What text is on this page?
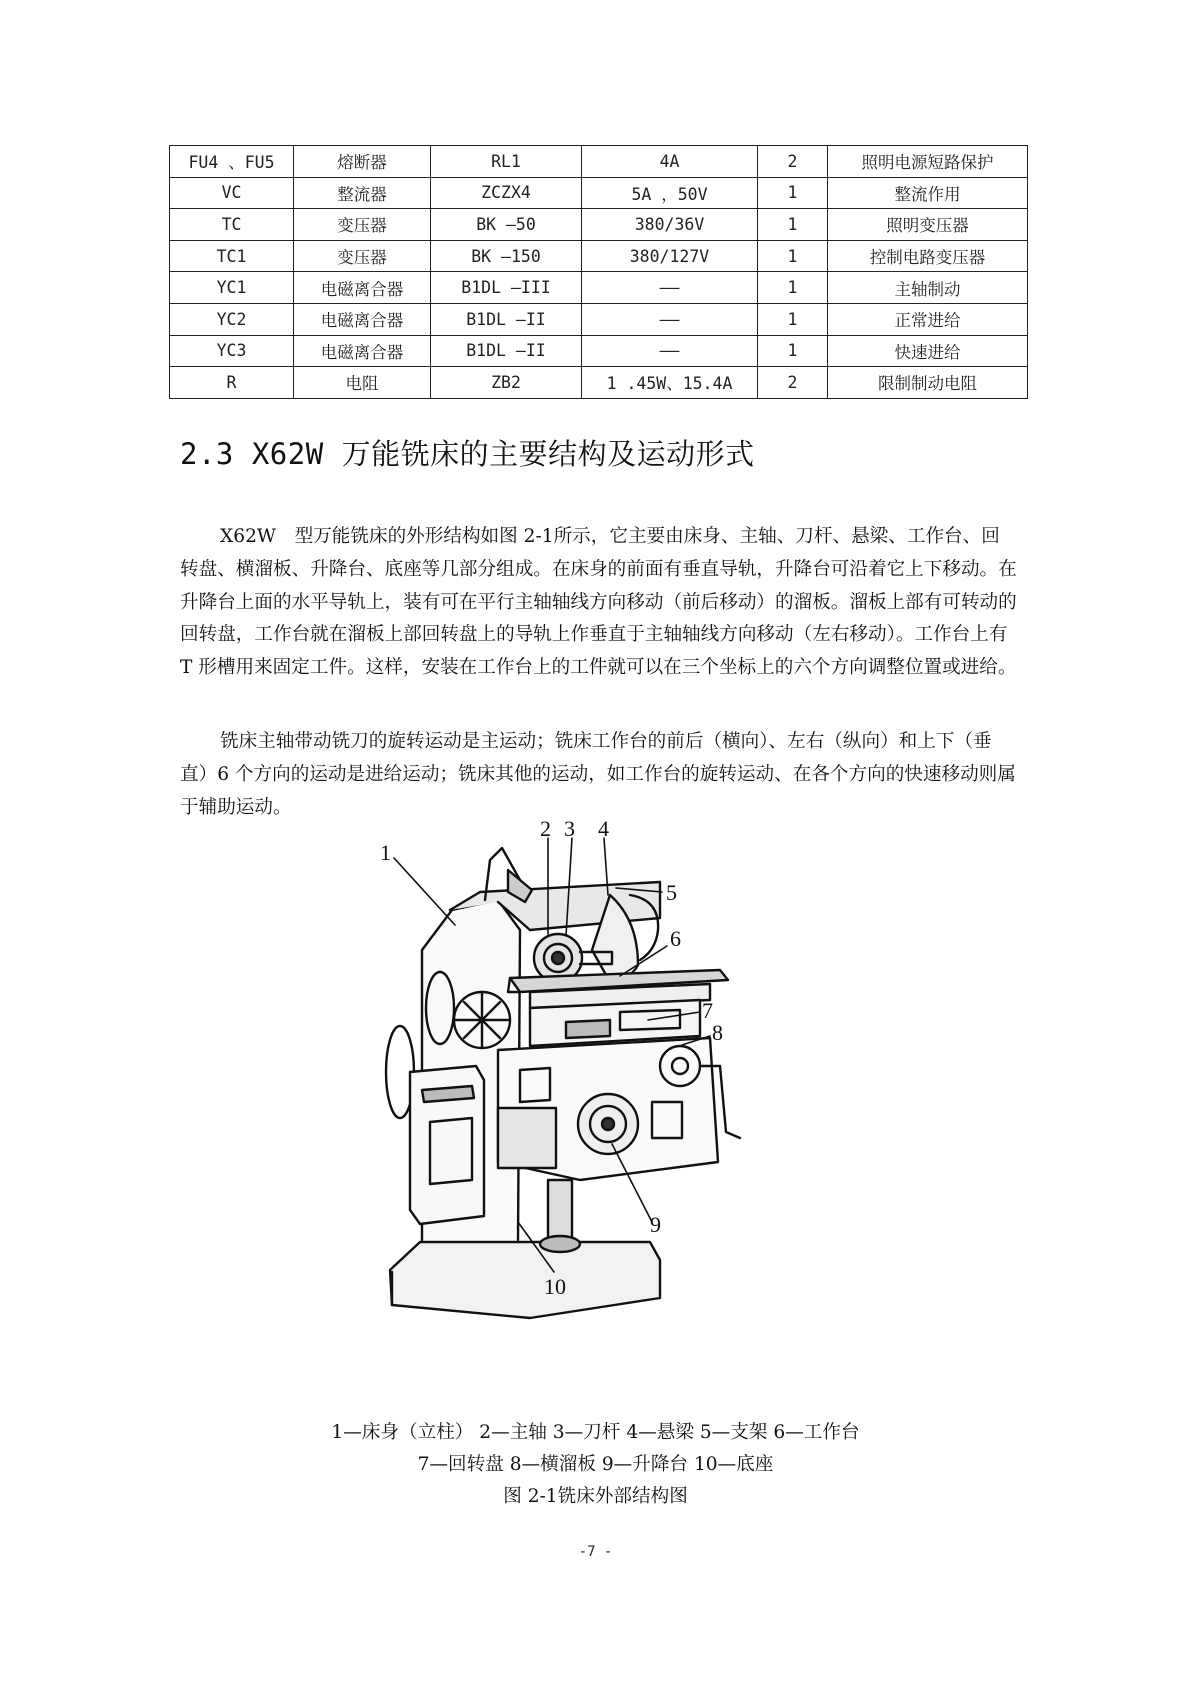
FU4 、FU5	熔断器	RL1	4A	2	照明电源短路保护
VC	整流器	ZCZX4	5A ，50V	1	整流作用
TC	变压器	BK —50	380/36V	1	照明变压器
TC1	变压器	BK —150	380/127V	1	控制电路变压器
YC1	电磁离合器	B1DL —III	——	1	主轴制动
YC2	电磁离合器	B1DL —II	——	1	正常进给
YC3	电磁离合器	B1DL —II	——	1	快速进给
R	电阻	ZB2	1 .45W、15.4A	2	限制制动电阻
2.3 X62W 万能铣床的主要结构及运动形式

X62W　型万能铣床的外形结构如图 2-1所示，它主要由床身、主轴、刀杆、悬梁、工作台、回转盘、横溜板、升降台、底座等几部分组成。在床身的前面有垂直导轨，升降台可沿着它上下移动。在升降台上面的水平导轨上，装有可在平行主轴轴线方向移动（前后移动）的溜板。溜板上部有可转动的回转盘，工作台就在溜板上部回转盘上的导轨上作垂直于主轴轴线方向移动（左右移动）。工作台上有 T 形槽用来固定工件。这样，安装在工作台上的工件就可以在三个坐标上的六个方向调整位置或进给。

铣床主轴带动铣刀的旋转运动是主运动；铣床工作台的前后（横向）、左右（纵向）和上下（垂直）6 个方向的运动是进给运动；铣床其他的运动，如工作台的旋转运动、在各个方向的快速移动则属于辅助运动。

1
2 3 4
5
6
7
8
9
10

1—床身（立柱） 2—主轴 3—刀杆 4—悬梁 5—支架 6—工作台

7—回转盘 8—横溜板 9—升降台 10—底座

图 2-1铣床外部结构图

-7 -
